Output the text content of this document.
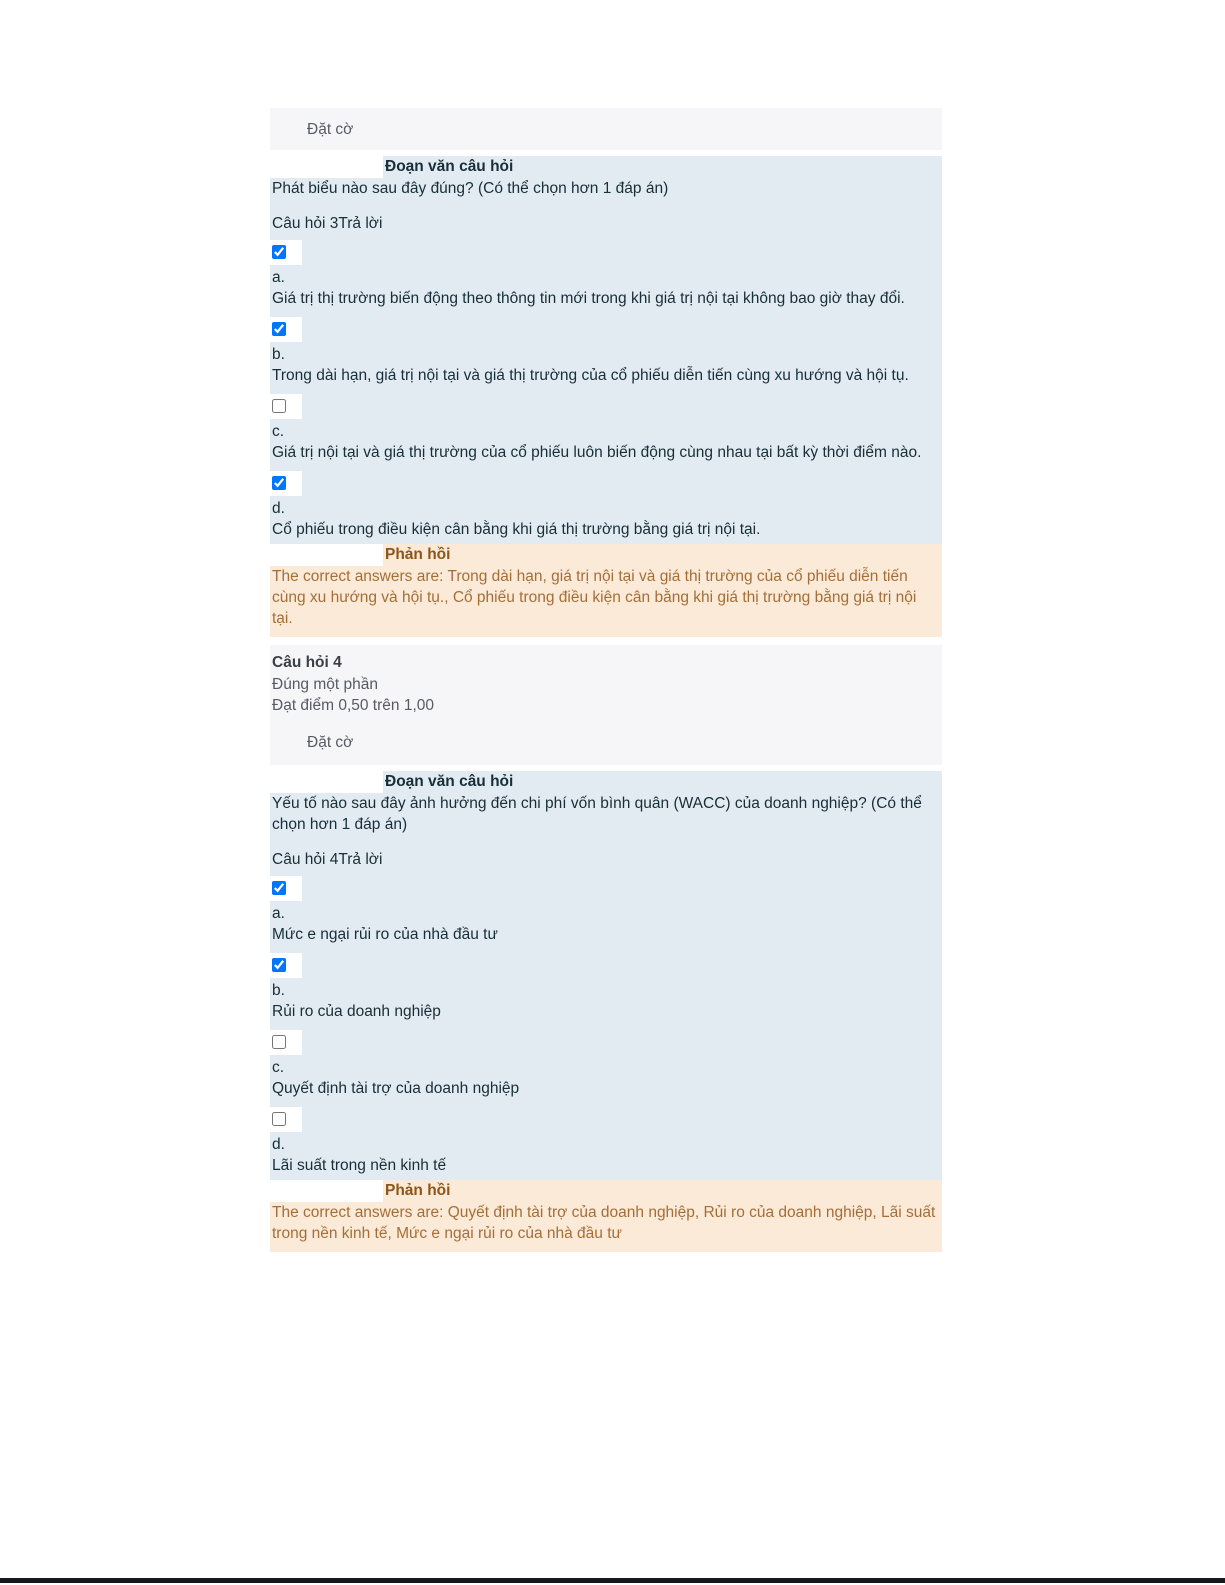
Đặt cờ
Đoạn văn câu hỏi
Phát biểu nào sau đây đúng? (Có thể chọn hơn 1 đáp án)
Câu hỏi 3Trả lời
a.
Giá trị thị trường biến động theo thông tin mới trong khi giá trị nội tại không bao giờ thay đổi.
b.
Trong dài hạn, giá trị nội tại và giá thị trường của cổ phiếu diễn tiến cùng xu hướng và hội tụ.
c.
Giá trị nội tại và giá thị trường của cổ phiếu luôn biến động cùng nhau tại bất kỳ thời điểm nào.
d.
Cổ phiếu trong điều kiện cân bằng khi giá thị trường bằng giá trị nội tại.
Phản hồi
The correct answers are: Trong dài hạn, giá trị nội tại và giá thị trường của cổ phiếu diễn tiến cùng xu hướng và hội tụ., Cổ phiếu trong điều kiện cân bằng khi giá thị trường bằng giá trị nội tại.
Câu hỏi 4
Đúng một phần
Đạt điểm 0,50 trên 1,00
Đặt cờ
Đoạn văn câu hỏi
Yếu tố nào sau đây ảnh hưởng đến chi phí vốn bình quân (WACC) của doanh nghiệp? (Có thể chọn hơn 1 đáp án)
Câu hỏi 4Trả lời
a.
Mức e ngại rủi ro của nhà đầu tư
b.
Rủi ro của doanh nghiệp
c.
Quyết định tài trợ của doanh nghiệp
d.
Lãi suất trong nền kinh tế
Phản hồi
The correct answers are: Quyết định tài trợ của doanh nghiệp, Rủi ro của doanh nghiệp, Lãi suất trong nền kinh tế, Mức e ngại rủi ro của nhà đầu tư
